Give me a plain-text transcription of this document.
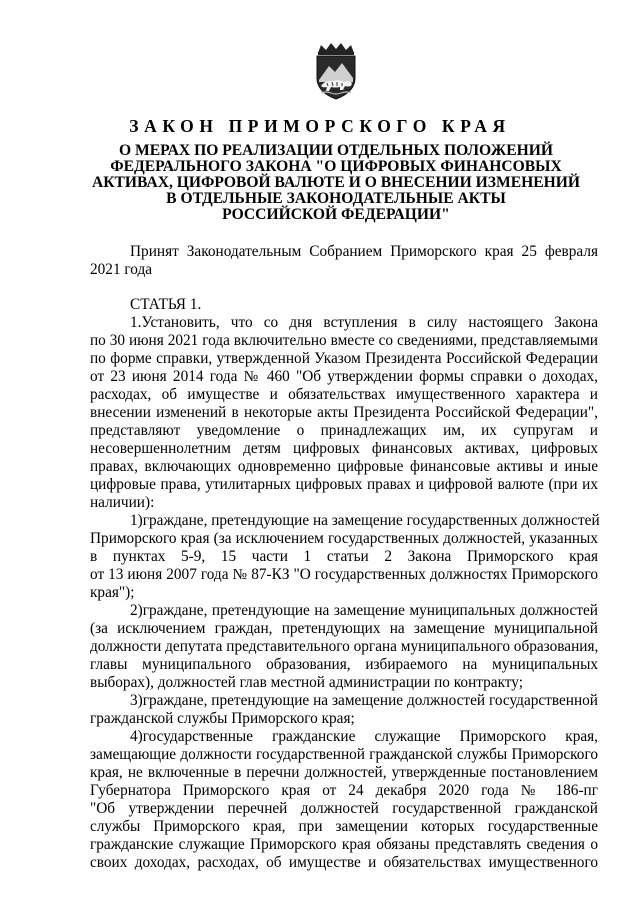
ЗАКОН ПРИМОРСКОГО КРАЯ
О МЕРАХ ПО РЕАЛИЗАЦИИ ОТДЕЛЬНЫХ ПОЛОЖЕНИЙ
ФЕДЕРАЛЬНОГО ЗАКОНА "О ЦИФРОВЫХ ФИНАНСОВЫХ
АКТИВАХ, ЦИФРОВОЙ ВАЛЮТЕ И О ВНЕСЕНИИ ИЗМЕНЕНИЙ
В ОТДЕЛЬНЫЕ ЗАКОНОДАТЕЛЬНЫЕ АКТЫ
РОССИЙСКОЙ ФЕДЕРАЦИИ"
Принят Законодательным Собранием Приморского края 25 февраля
2021 года
СТАТЬЯ 1.
1.Установить, что со дня вступления в силу настоящего Закона
по 30 июня 2021 года включительно вместе со сведениями, представляемыми
по форме справки, утвержденной Указом Президента Российской Федерации
от 23 июня 2014 года № 460 "Об утверждении формы справки о доходах,
расходах, об имуществе и обязательствах имущественного характера и
внесении изменений в некоторые акты Президента Российской Федерации",
представляют уведомление о принадлежащих им, их супругам и
несовершеннолетним детям цифровых финансовых активах, цифровых
правах, включающих одновременно цифровые финансовые активы и иные
цифровые права, утилитарных цифровых правах и цифровой валюте (при их
наличии):
1)граждане, претендующие на замещение государственных должностей
Приморского края (за исключением государственных должностей, указанных
в пунктах 5-9, 15 части 1 статьи 2 Закона Приморского края
от 13 июня 2007 года № 87-КЗ "О государственных должностях Приморского
края");
2)граждане, претендующие на замещение муниципальных должностей
(за исключением граждан, претендующих на замещение муниципальной
должности депутата представительного органа муниципального образования,
главы муниципального образования, избираемого на муниципальных
выборах), должностей глав местной администрации по контракту;
3)граждане, претендующие на замещение должностей государственной
гражданской службы Приморского края;
4)государственные гражданские служащие Приморского края,
замещающие должности государственной гражданской службы Приморского
края, не включенные в перечни должностей, утвержденные постановлением
Губернатора Приморского края от 24 декабря 2020 года № 186-пг
"Об утверждении перечней должностей государственной гражданской
службы Приморского края, при замещении которых государственные
гражданские служащие Приморского края обязаны представлять сведения о
своих доходах, расходах, об имуществе и обязательствах имущественного
